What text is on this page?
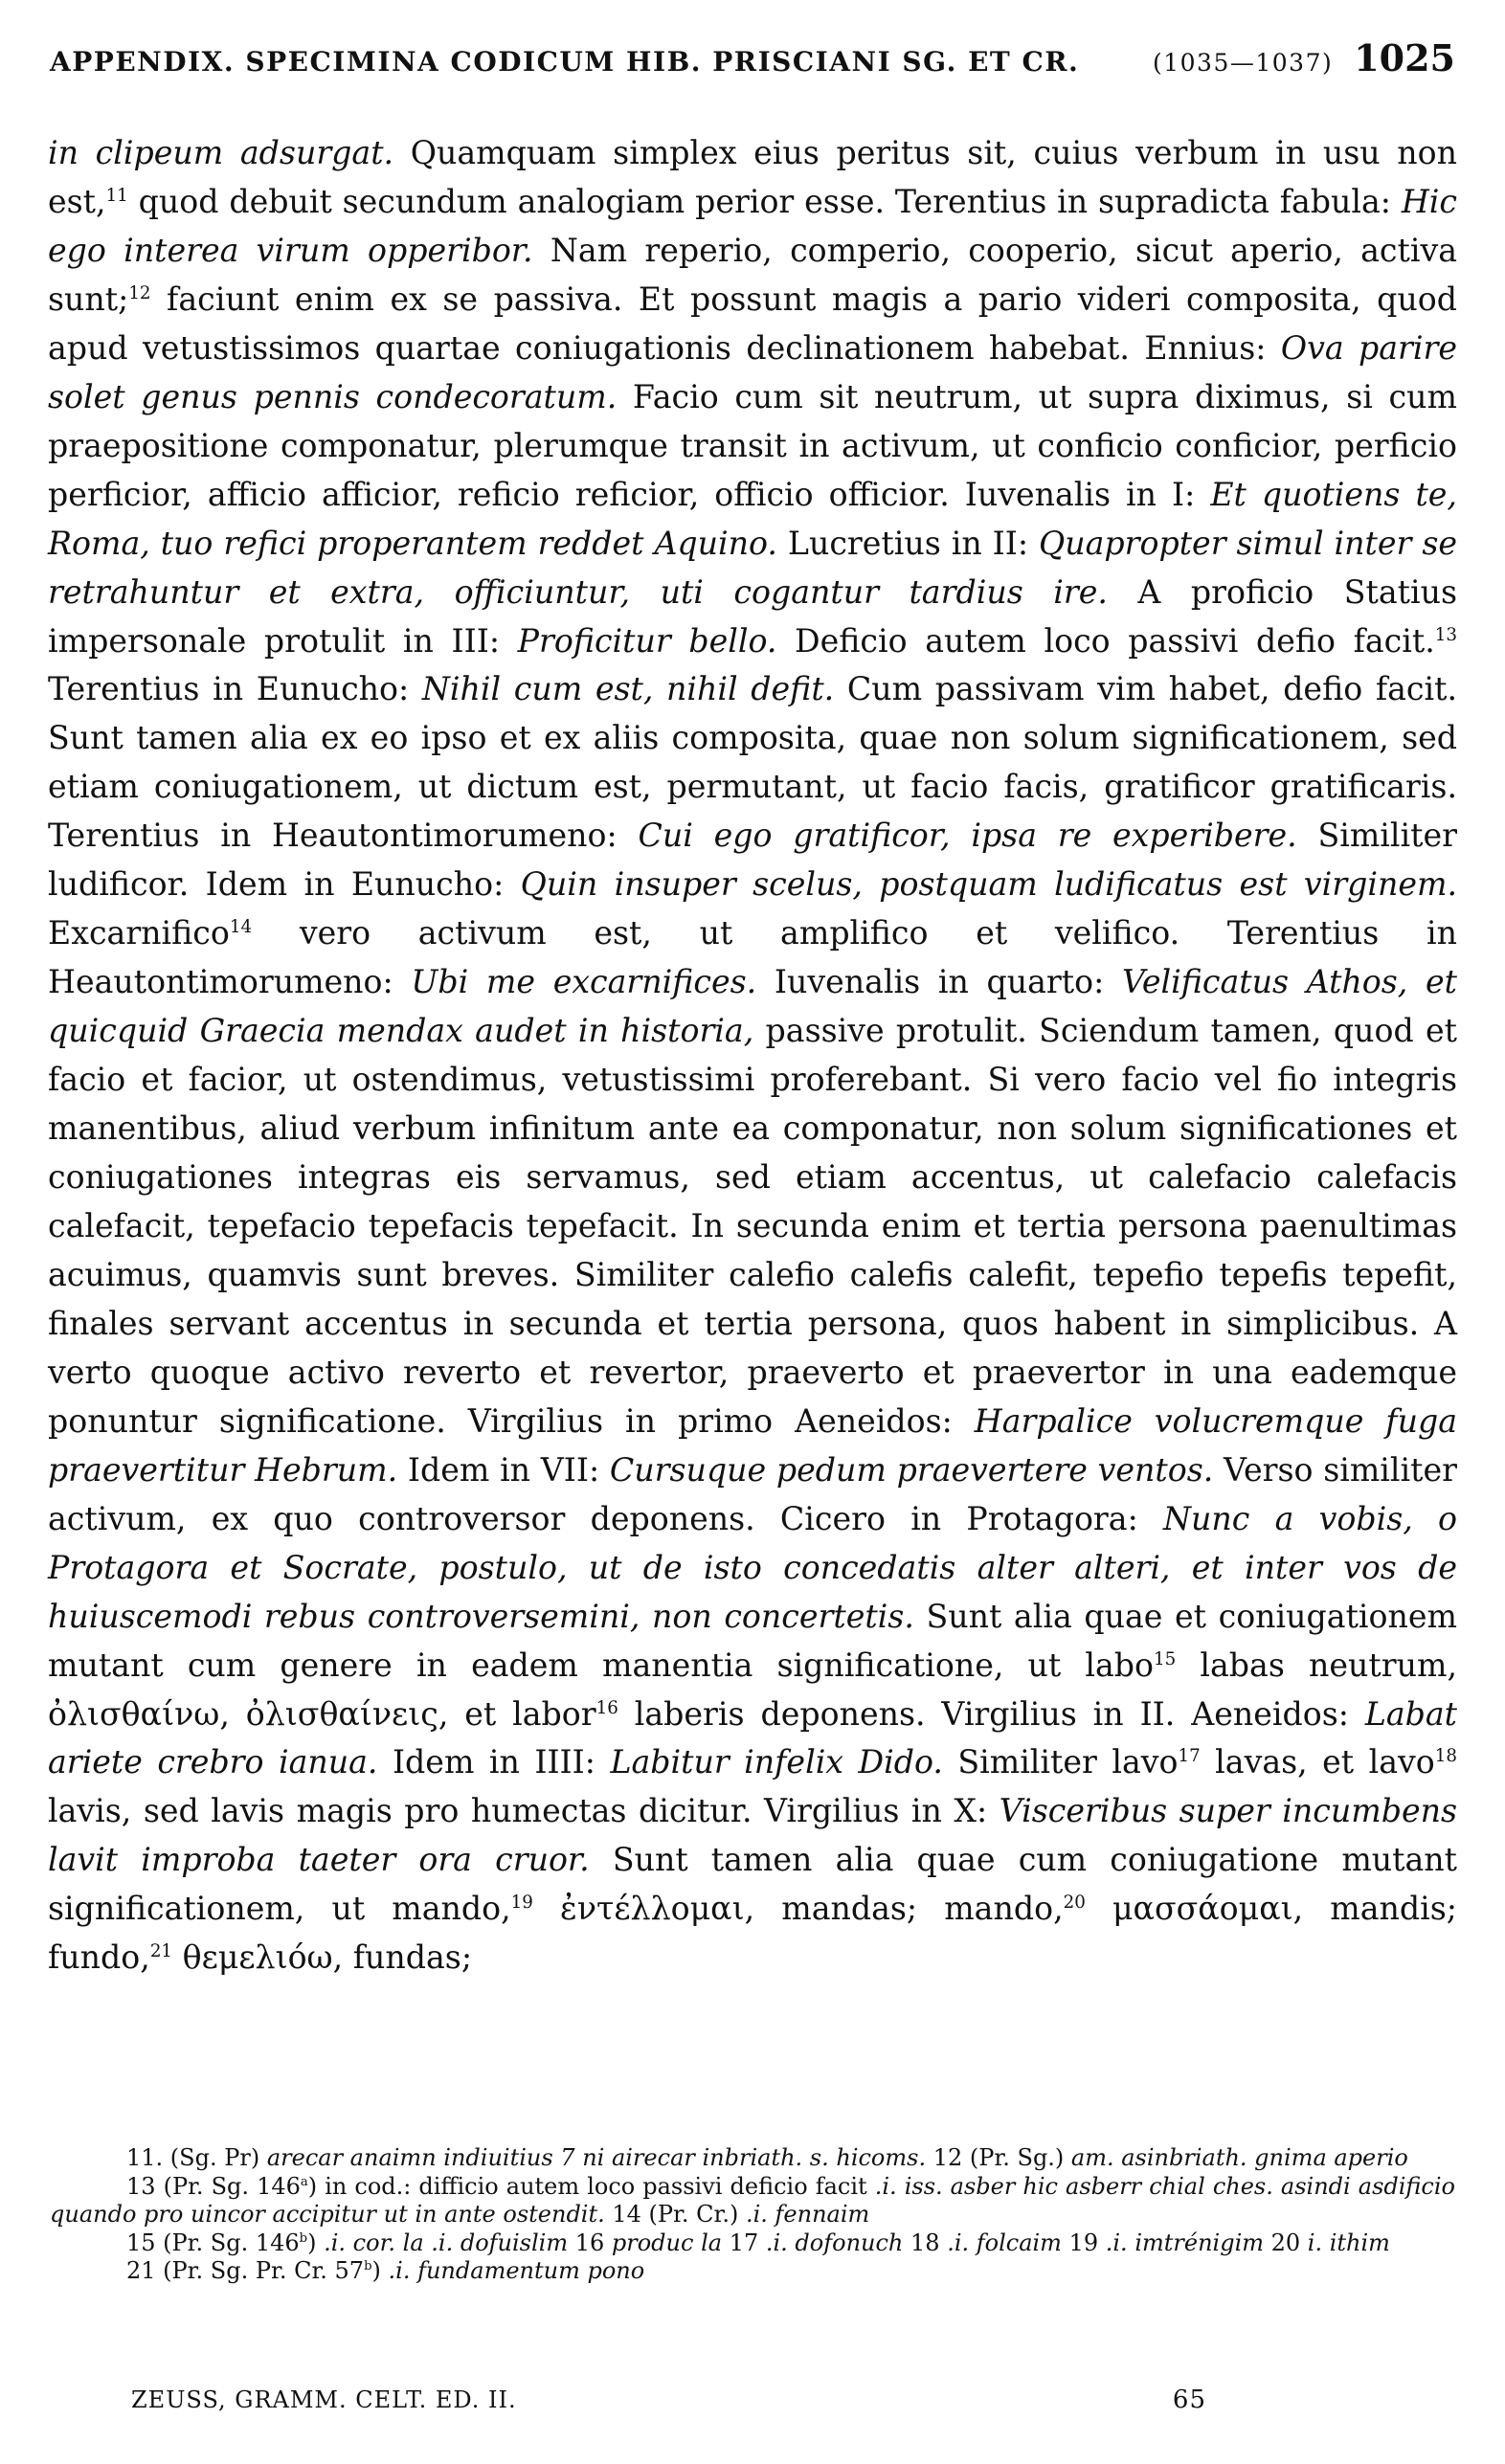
APPENDIX. SPECIMINA CODICUM HIB. PRISCIANI SG. ET CR.	(1035—1037) 1025

in clipeum adsurgat. Quamquam simplex eius peritus sit, cuius verbum in usu non est,$^{11}$ quod debuit secundum analogiam perior esse. Terentius in supradicta fabula: Hic ego interea virum opperibor. Nam reperio, comperio, cooperio, sicut aperio, activa sunt;$^{12}$ faciunt enim ex se passiva. Et possunt magis a pario videri composita, quod apud vetustissimos quartae coniugationis declinationem habebat. Ennius: Ova parire solet genus pennis condecoratum. Facio cum sit neutrum, ut supra diximus, si cum praepositione componatur, plerumque transit in activum, ut conficio conficior, perficio perficior, afficio afficior, reficio reficior, officio officior. Iuvenalis in I: Et quotiens te, Roma, tuo refici properantem reddet Aquino. Lucretius in II: Quapropter simul inter se retrahuntur et extra, officiuntur, uti cogantur tardius ire. A proficio Statius impersonale protulit in III: Proficitur bello. Deficio autem loco passivi defio facit.$^{13}$ Terentius in Eunucho: Nihil cum est, nihil defit. Cum passivam vim habet, defio facit. Sunt tamen alia ex eo ipso et ex aliis composita, quae non solum significationem, sed etiam coniugationem, ut dictum est, permutant, ut facio facis, gratificor gratificaris. Terentius in Heautontimorumeno: Cui ego gratificor, ipsa re experibere. Similiter ludificor. Idem in Eunucho: Quin insuper scelus, postquam ludificatus est virginem. Excarnifico$^{14}$ vero activum est, ut amplifico et velifico. Terentius in Heautontimorumeno: Ubi me excarnifices. Iuvenalis in quarto: Velificatus Athos, et quicquid Graecia mendax audet in historia, passive protulit. Sciendum tamen, quod et facio et facior, ut ostendimus, vetustissimi proferebant. Si vero facio vel fio integris manentibus, aliud verbum infinitum ante ea componatur, non solum significationes et coniugationes integras eis servamus, sed etiam accentus, ut calefacio calefacis calefacit, tepefacio tepefacis tepefacit. In secunda enim et tertia persona paenultimas acuimus, quamvis sunt breves. Similiter calefio calefis calefit, tepefio tepefis tepefit, finales servant accentus in secunda et tertia persona, quos habent in simplicibus. A verto quoque activo reverto et revertor, praeverto et praevertor in una eademque ponuntur significatione. Virgilius in primo Aeneidos: Harpalice volucremque fuga praevertitur Hebrum. Idem in VII: Cursuque pedum praevertere ventos. Verso similiter activum, ex quo controversor deponens. Cicero in Protagora: Nunc a vobis, o Protagora et Socrate, postulo, ut de isto concedatis alter alteri, et inter vos de huiuscemodi rebus controversemini, non concertetis. Sunt alia quae et coniugationem mutant cum genere in eadem manentia significatione, ut labo$^{15}$ labas neutrum, ὀλισθαίνω, ὀλισθαίνεις, et labor$^{16}$ laberis deponens. Virgilius in II. Aeneidos: Labat ariete crebro ianua. Idem in IIII: Labitur infelix Dido. Similiter lavo$^{17}$ lavas, et lavo$^{18}$ lavis, sed lavis magis pro humectas dicitur. Virgilius in X: Visceribus super incumbens lavit improba taeter ora cruor. Sunt tamen alia quae cum coniugatione mutant significationem, ut mando,$^{19}$ ἐντέλλομαι, mandas; mando,$^{20}$ μασσάομαι, mandis; fundo,$^{21}$ θεμελιόω, fundas;

11. (Sg. Pr) arecar anaimn indiuitius 7 ni airecar inbriath. s. hicoms. 12 (Pr. Sg.) am. asinbriath. gnima aperio

13 (Pr. Sg. 146$^a$) in cod.: difficio autem loco passivi deficio facit .i. iss. asber hic asberr chial ches. asindi asdificio quando pro uincor accipitur ut in ante ostendit. 14 (Pr. Cr.) .i. fennaim

15 (Pr. Sg. 146$^b$) .i. cor. la .i. dofuislim 16 produc la 17 .i. dofonuch 18 .i. folcaim 19 .i. imtrénigim 20 i. ithim

21 (Pr. Sg. Pr. Cr. 57$^b$) .i. fundamentum pono

ZEUSS, GRAMM. CELT. ED. II.	65
